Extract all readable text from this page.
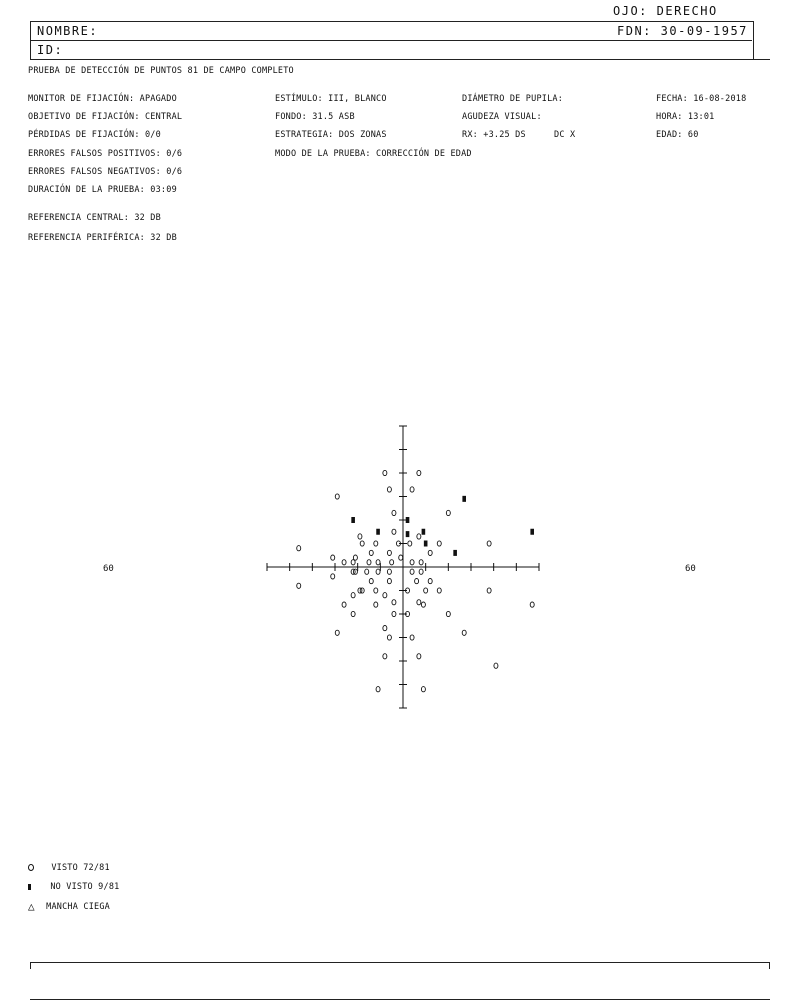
OJO: DERECHO
NOMBRE:
ID:
FDN: 30-09-1957
PRUEBA DE DETECCIÓN DE PUNTOS 81 DE CAMPO COMPLETO
MONITOR DE FIJACIÓN: APAGADO
OBJETIVO DE FIJACIÓN: CENTRAL
PÉRDIDAS DE FIJACIÓN: 0/0
ERRORES FALSOS POSITIVOS: 0/6
ERRORES FALSOS NEGATIVOS: 0/6
DURACIÓN DE LA PRUEBA: 03:09
REFERENCIA CENTRAL: 32 DB
REFERENCIA PERIFÉRICA: 32 DB
ESTÍMULO: III, BLANCO
FONDO: 31.5 ASB
ESTRATEGIA: DOS ZONAS
MODO DE LA PRUEBA: CORRECCIÓN DE EDAD
DIÁMETRO DE PUPILA:
AGUDEZA VISUAL:
RX: +3.25 DS	DC X
FECHA: 16-08-2018
HORA: 13:01
EDAD: 60
60	60
VISTO 72/81
NO VISTO 9/81
△ MANCHA CIEGA
